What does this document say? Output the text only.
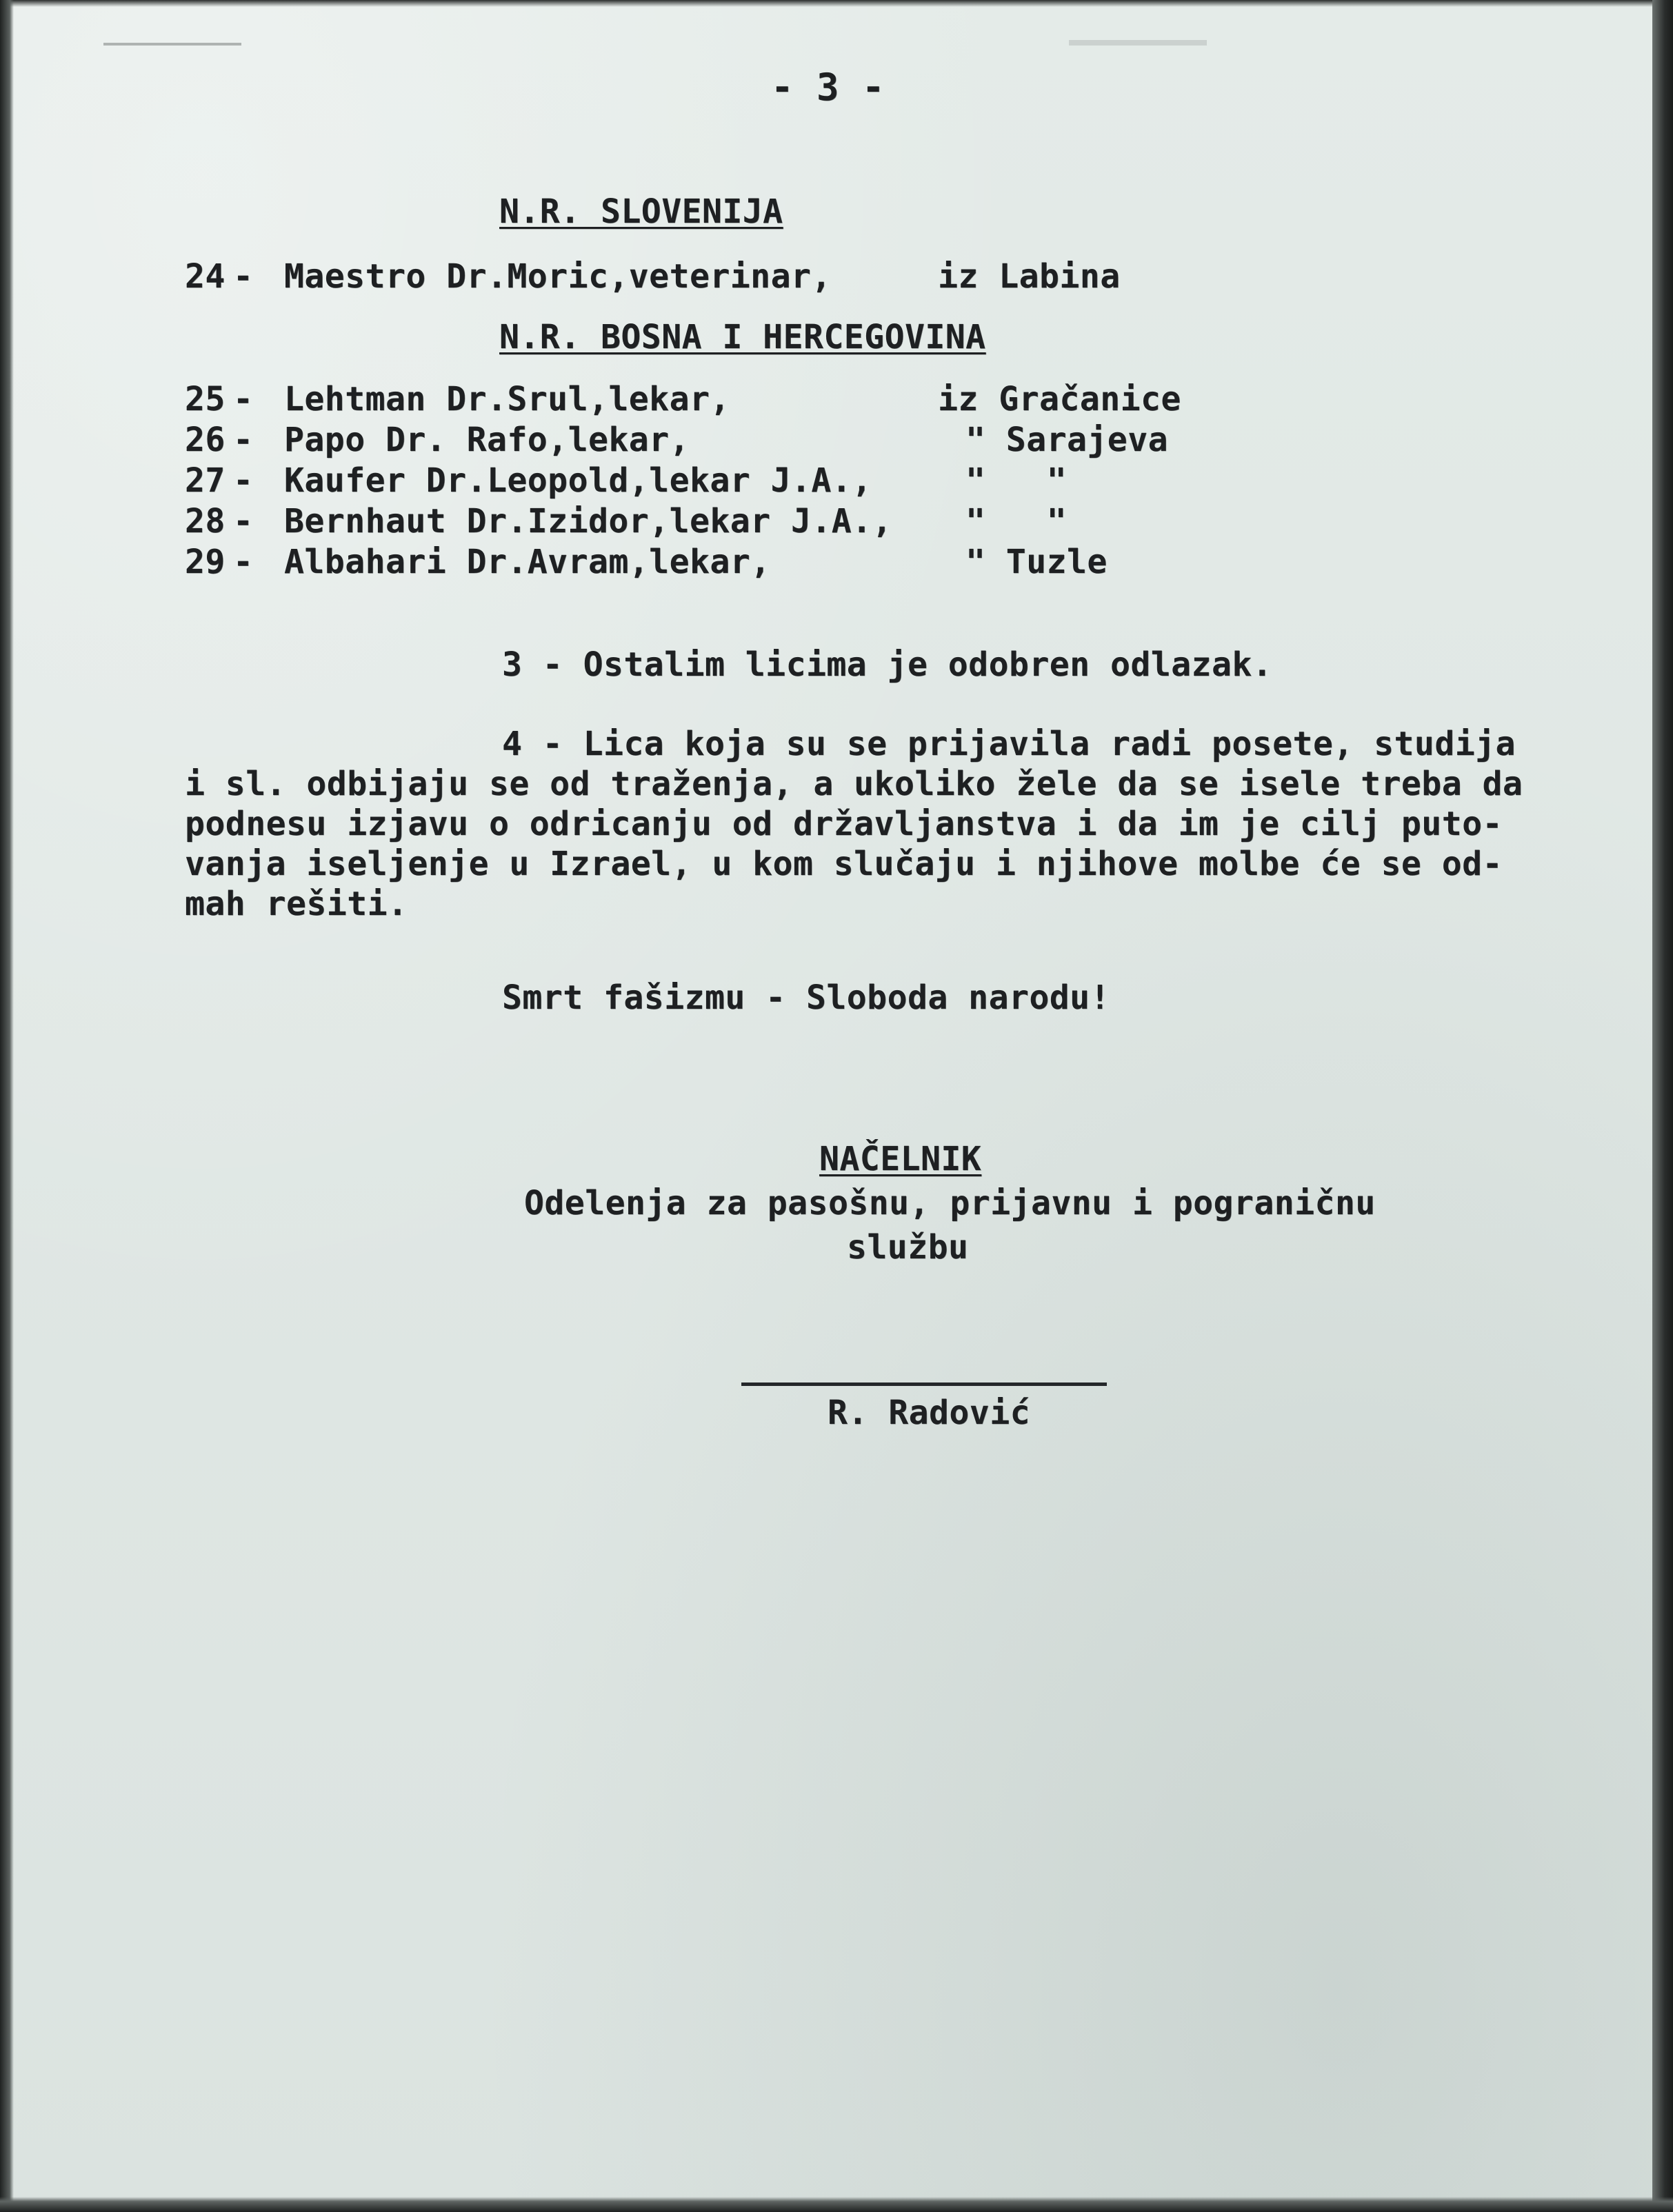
- 3 -
N.R. SLOVENIJA
24 - Maestro Dr.Moric,veterinar,	iz Labina
N.R. BOSNA I HERCEGOVINA
25 - Lehtman Dr.Srul,lekar,	iz Gračanice
26 - Papo Dr. Rafo,lekar,	" Sarajeva
27 - Kaufer Dr.Leopold,lekar J.A.,	"   "
28 - Bernhaut Dr.Izidor,lekar J.A., "   "
29 - Albahari Dr.Avram,lekar,	" Tuzle
3 - Ostalim licima je odobren odlazak.
4 - Lica koja su se prijavila radi posete, studija
i sl. odbijaju se od traženja, a ukoliko žele da se isele treba da
podnesu izjavu o odricanju od državljanstva i da im je cilj puto-
vanja iseljenje u Izrael, u kom slučaju i njihove molbe će se od-
mah rešiti.
Smrt fašizmu - Sloboda narodu!
NAČELNIK
Odelenja za pasošnu, prijavnu i pograničnu
službu
R. Radović
